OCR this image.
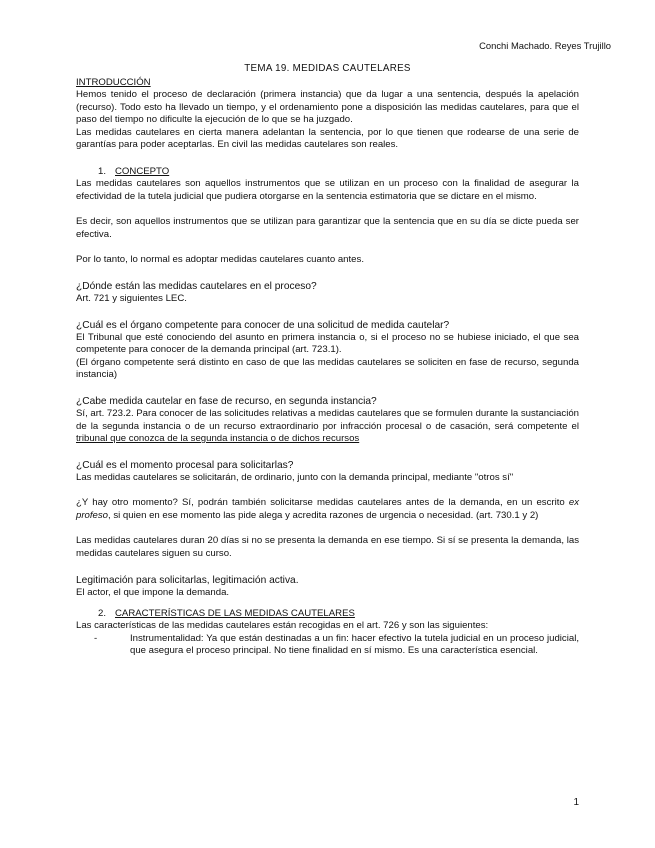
Conchi Machado. Reyes Trujillo
TEMA 19. MEDIDAS CAUTELARES

INTRODUCCIÓN

Hemos tenido el proceso de declaración (primera instancia) que da lugar a una sentencia, después la apelación (recurso). Todo esto ha llevado un tiempo, y el ordenamiento pone a disposición las medidas cautelares, para que el paso del tiempo no dificulte la ejecución de lo que se ha juzgado.

Las medidas cautelares en cierta manera adelantan la sentencia, por lo que tienen que rodearse de una serie de garantías para poder aceptarlas. En civil las medidas cautelares son reales.

1. CONCEPTO

Las medidas cautelares son aquellos instrumentos que se utilizan en un proceso con la finalidad de asegurar la efectividad de la tutela judicial que pudiera otorgarse en la sentencia estimatoria que se dictare en el mismo.

Es decir, son aquellos instrumentos que se utilizan para garantizar que la sentencia que en su día se dicte pueda ser efectiva.

Por lo tanto, lo normal es adoptar medidas cautelares cuanto antes.

¿Dónde están las medidas cautelares en el proceso?

Art. 721 y siguientes LEC.

¿Cuál es el órgano competente para conocer de una solicitud de medida cautelar?

El Tribunal que esté conociendo del asunto en primera instancia o, si el proceso no se hubiese iniciado, el que sea competente para conocer de la demanda principal (art. 723.1).

(El órgano competente será distinto en caso de que las medidas cautelares se soliciten en fase de recurso, segunda instancia)

¿Cabe medida cautelar en fase de recurso, en segunda instancia?

Sí, art. 723.2. Para conocer de las solicitudes relativas a medidas cautelares que se formulen durante la sustanciación de la segunda instancia o de un recurso extraordinario por infracción procesal o de casación, será competente el tribunal que conozca de la segunda instancia o de dichos recursos

¿Cuál es el momento procesal para solicitarlas?

Las medidas cautelares se solicitarán, de ordinario, junto con la demanda principal, mediante "otros sí"

¿Y hay otro momento? Sí, podrán también solicitarse medidas cautelares antes de la demanda, en un escrito ex profeso, si quien en ese momento las pide alega y acredita razones de urgencia o necesidad. (art. 730.1 y 2)

Las medidas cautelares duran 20 días si no se presenta la demanda en ese tiempo. Si sí se presenta la demanda, las medidas cautelares siguen su curso.

Legitimación para solicitarlas, legitimación activa.

El actor, el que impone la demanda.

2. CARACTERÍSTICAS DE LAS MEDIDAS CAUTELARES

Las características de las medidas cautelares están recogidas en el art. 726 y son las siguientes:

-	Instrumentalidad: Ya que están destinadas a un fin: hacer efectivo la tutela judicial en un proceso judicial, que asegura el proceso principal. No tiene finalidad en sí mismo. Es una característica esencial.

1
